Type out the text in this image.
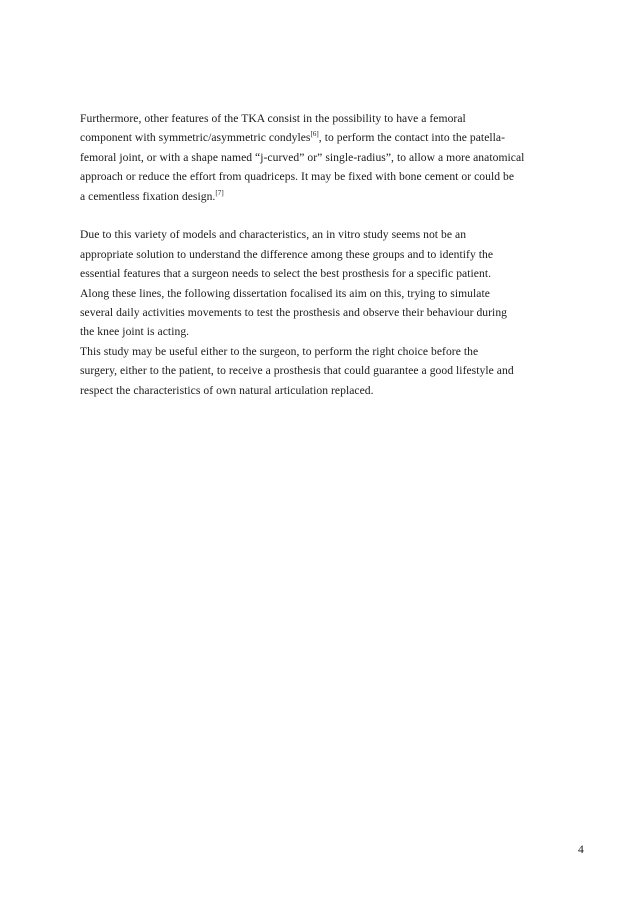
Furthermore, other features of the TKA consist in the possibility to have a femoral
component with symmetric/asymmetric condyles[6], to perform the contact into the patella-
femoral joint, or with a shape named “j-curved” or” single-radius”, to allow a more anatomical
approach or reduce the effort from quadriceps. It may be fixed with bone cement or could be
a cementless fixation design.[7]
Due to this variety of models and characteristics, an in vitro study seems not be an
appropriate solution to understand the difference among these groups and to identify the
essential features that a surgeon needs to select the best prosthesis for a specific patient.
Along these lines, the following dissertation focalised its aim on this, trying to simulate
several daily activities movements to test the prosthesis and observe their behaviour during
the knee joint is acting.
This study may be useful either to the surgeon, to perform the right choice before the
surgery, either to the patient, to receive a prosthesis that could guarantee a good lifestyle and
respect the characteristics of own natural articulation replaced.
4
